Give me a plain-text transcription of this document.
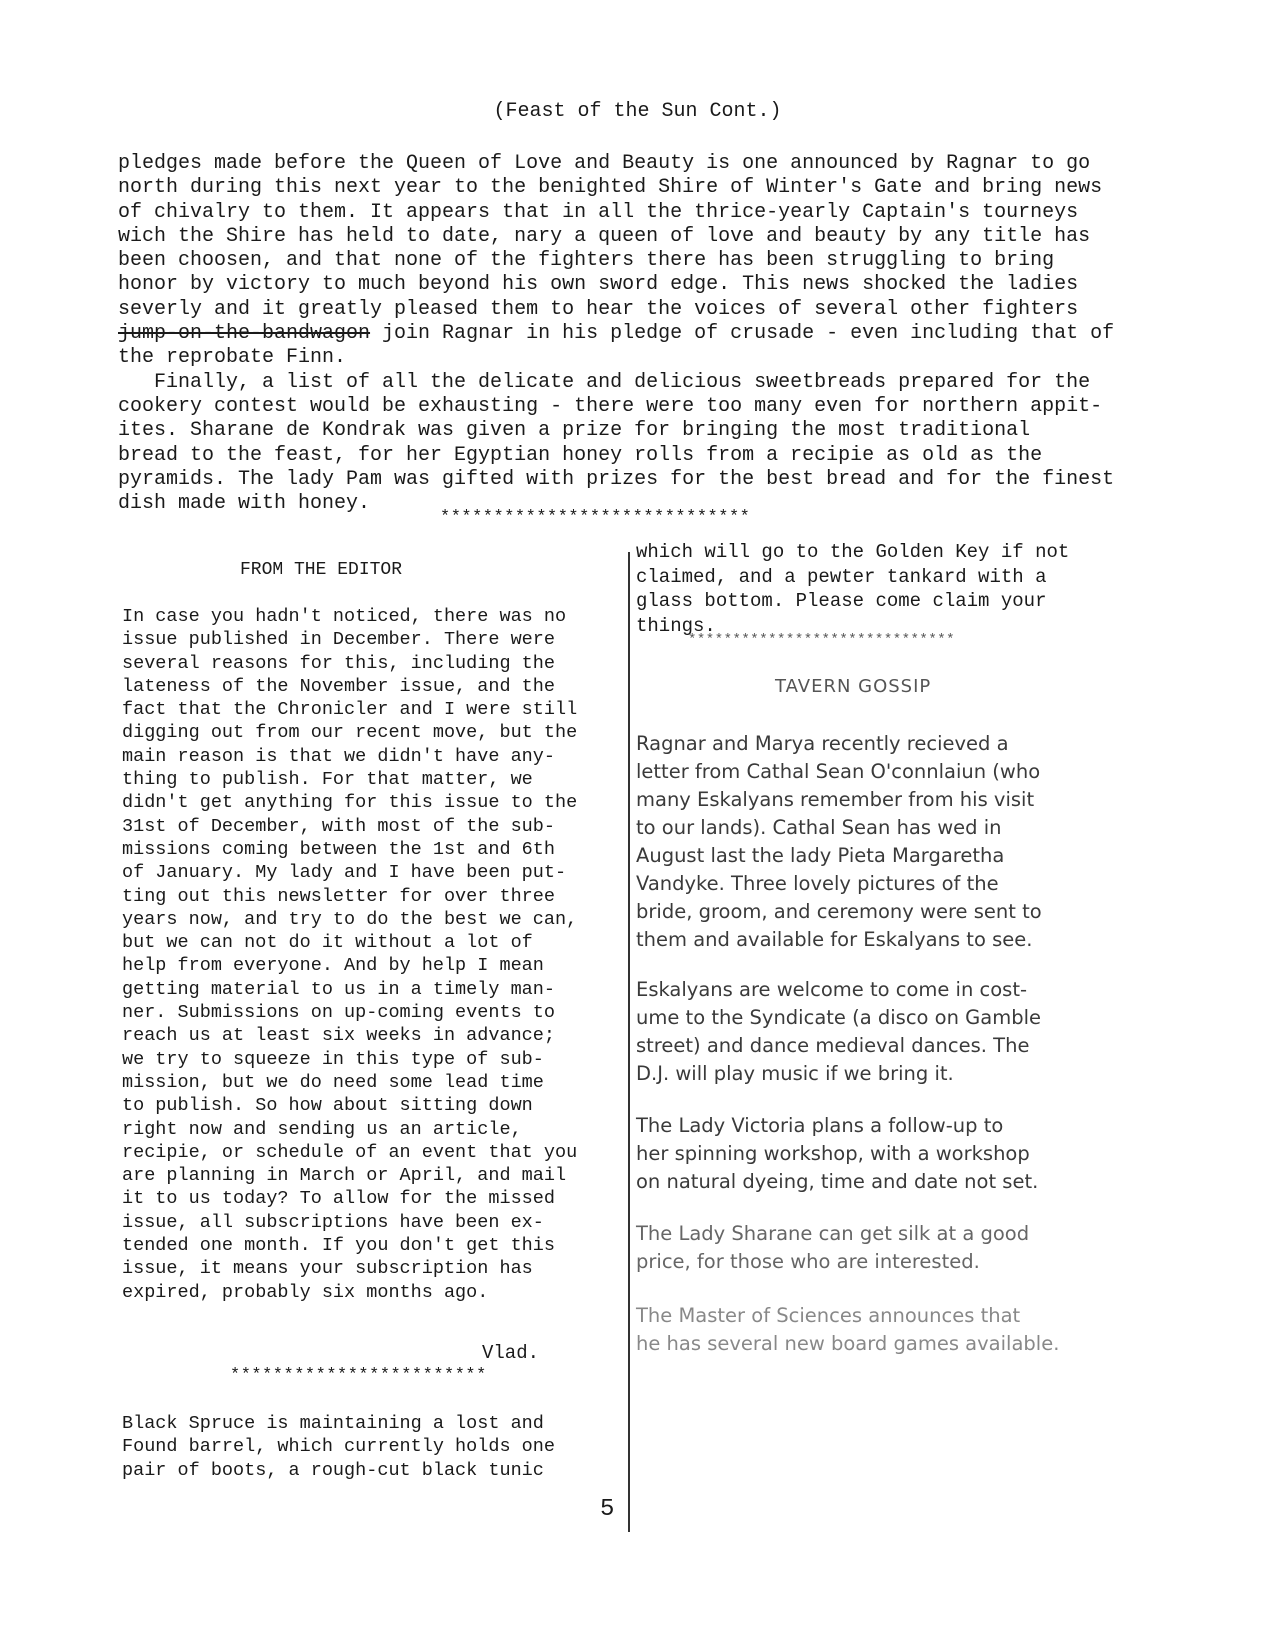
(Feast of the Sun Cont.)

pledges made before the Queen of Love and Beauty is one announced by Ragnar to go

north during this next year to the benighted Shire of Winter's Gate and bring news

of chivalry to them. It appears that in all the thrice-yearly Captain's tourneys

wich the Shire has held to date, nary a queen of love and beauty by any title has

been choosen, and that none of the fighters there has been struggling to bring

honor by victory to much beyond his own sword edge. This news shocked the ladies

severly and it greatly pleased them to hear the voices of several other fighters

jump-on-the-bandwagon join Ragnar in his pledge of crusade - even including that of

the reprobate Finn.

Finally, a list of all the delicate and delicious sweetbreads prepared for the

cookery contest would be exhausting - there were too many even for northern appit-

ites. Sharane de Kondrak was given a prize for bringing the most traditional

bread to the feast, for her Egyptian honey rolls from a recipie as old as the

pyramids. The lady Pam was gifted with prizes for the best bread and for the finest

dish made with honey.

*****************************
FROM THE EDITOR

In case you hadn't noticed, there was no

issue published in December. There were

several reasons for this, including the

lateness of the November issue, and the

fact that the Chronicler and I were still

digging out from our recent move, but the

main reason is that we didn't have any-

thing to publish. For that matter, we

didn't get anything for this issue to the

31st of December, with most of the sub-

missions coming between the 1st and 6th

of January. My lady and I have been put-

ting out this newsletter for over three

years now, and try to do the best we can,

but we can not do it without a lot of

help from everyone. And by help I mean

getting material to us in a timely man-

ner. Submissions on up-coming events to

reach us at least six weeks in advance;

we try to squeeze in this type of sub-

mission, but we do need some lead time

to publish. So how about sitting down

right now and sending us an article,

recipie, or schedule of an event that you

are planning in March or April, and mail

it to us today? To allow for the missed

issue, all subscriptions have been ex-

tended one month. If you don't get this

issue, it means your subscription has

expired, probably six months ago.

Vlad.
************************

Black Spruce is maintaining a lost and

Found barrel, which currently holds one

pair of boots, a rough-cut black tunic

which will go to the Golden Key if not

claimed, and a pewter tankard with a

glass bottom. Please come claim your

things.

******************************
TAVERN GOSSIP

Ragnar and Marya recently recieved a

letter from Cathal Sean O'connlaiun (who

many Eskalyans remember from his visit

to our lands). Cathal Sean has wed in

August last the lady Pieta Margaretha

Vandyke. Three lovely pictures of the

bride, groom, and ceremony were sent to

them and available for Eskalyans to see.

Eskalyans are welcome to come in cost-

ume to the Syndicate (a disco on Gamble

street) and dance medieval dances. The

D.J. will play music if we bring it.

The Lady Victoria plans a follow-up to

her spinning workshop, with a workshop

on natural dyeing, time and date not set.

The Lady Sharane can get silk at a good

price, for those who are interested.

The Master of Sciences announces that

he has several new board games available.

5
